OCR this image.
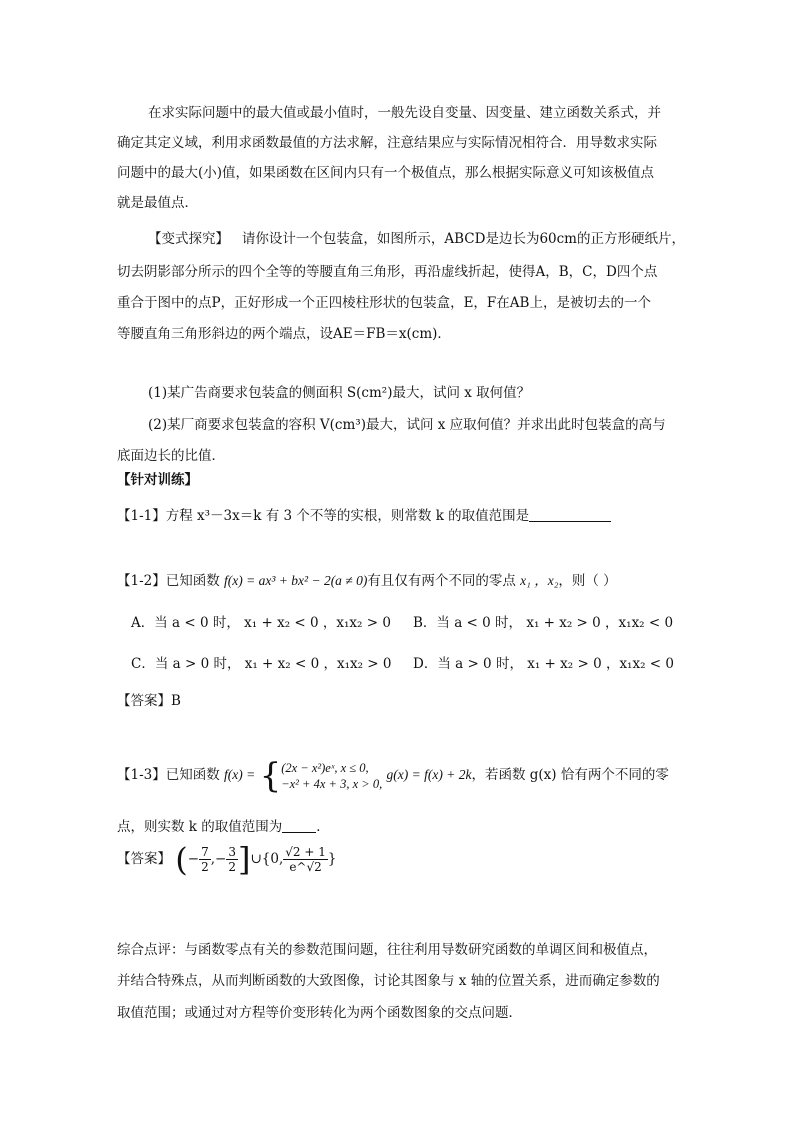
在求实际问题中的最大值或最小值时，一般先设自变量、因变量、建立函数关系式，并
确定其定义域，利用求函数最值的方法求解，注意结果应与实际情况相符合．用导数求实际
问题中的最大(小)值，如果函数在区间内只有一个极值点，那么根据实际意义可知该极值点
就是最值点．
【变式探究】 请你设计一个包装盒，如图所示，ABCD是边长为60cm的正方形硬纸片，
切去阴影部分所示的四个全等的等腰直角三角形，再沿虚线折起，使得A，B，C，D四个点
重合于图中的点P，正好形成一个正四棱柱形状的包装盒，E，F在AB上，是被切去的一个
等腰直角三角形斜边的两个端点，设AE＝FB＝x(cm)．
(1)某广告商要求包装盒的侧面积 S(cm²)最大，试问 x 取何值？
(2)某厂商要求包装盒的容积 V(cm³)最大，试问 x 应取何值？并求出此时包装盒的高与
底面边长的比值．
【针对训练】
【1-1】方程 x³－3x＝k 有 3 个不等的实根，则常数 k 的取值范围是
【1-2】已知函数 f(x) = ax³ + bx² − 2(a ≠ 0)有且仅有两个不同的零点 x₁ ，x₂，则（ ）
A．当 a < 0 时， x₁ + x₂ < 0 ，x₁x₂ > 0 B．当 a < 0 时， x₁ + x₂ > 0 ，x₁x₂ < 0
C．当 a > 0 时， x₁ + x₂ < 0 ，x₁x₂ > 0 D．当 a > 0 时， x₁ + x₂ > 0 ，x₁x₂ < 0
【答案】B
【1-3】已知函数 f(x) = { (2x − x²)eˣ, x ≤ 0,
−x² + 4x + 3, x > 0,
g(x) = f(x) + 2k，若函数 g(x) 恰有两个不同的零
点，则实数 k 的取值范围为	．
【答案】 (− $\frac{7}{2}$ ,− $\frac{3}{2}$ ]∪{0, $\frac{√2 + 1}{e\^{}√2}$ }
综合点评：与函数零点有关的参数范围问题，往往利用导数研究函数的单调区间和极值点，
并结合特殊点，从而判断函数的大致图像，讨论其图象与 x 轴的位置关系，进而确定参数的
取值范围；或通过对方程等价变形转化为两个函数图象的交点问题．
